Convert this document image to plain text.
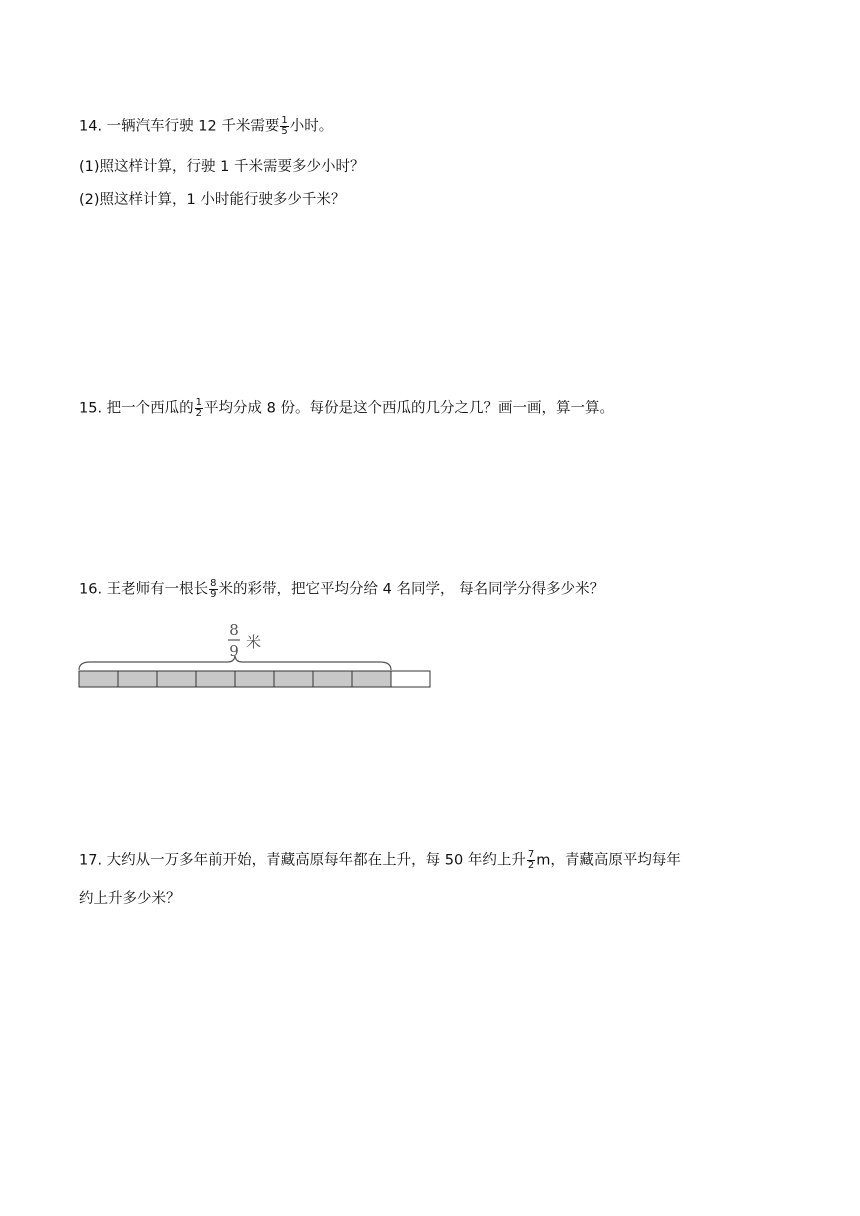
14. 一辆汽车行驶 12 千米需要 $\frac{1}{5}$ 小时。
(1)照这样计算，行驶 1 千米需要多少小时？
(2)照这样计算，1 小时能行驶多少千米？
15. 把一个西瓜的 $\frac{1}{2}$ 平均分成 8 份。每份是这个西瓜的几分之几？画一画，算一算。
16. 王老师有一根长 $\frac{8}{9}$ 米的彩带，把它平均分给 4 名同学， 每名同学分得多少米？
8
9 米
17. 大约从一万多年前开始，青藏高原每年都在上升，每 50 年约上升 $\frac{7}{2}$ m，青藏高原平均每年
约上升多少米？
